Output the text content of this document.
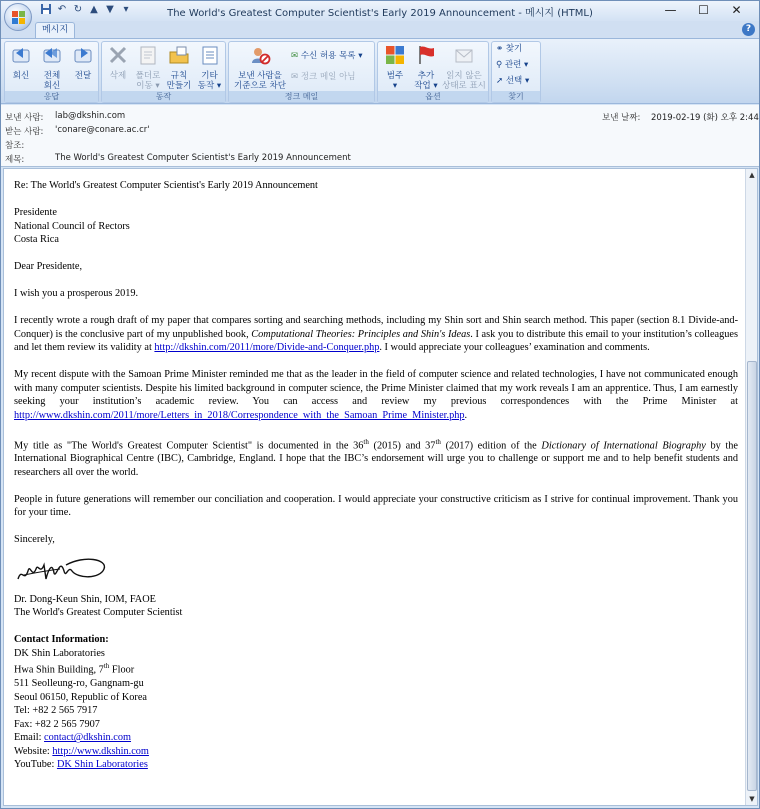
↶ ↻ ▲ ▼ ▾	The World's Greatest Computer Scientist's Early 2019 Announcement - 메시지 (HTML)	—	☐	✕
메시지	?
회신	전체
회신
전달
응답
삭제	폴더로
이동 ▾
규칙
만들기
기타
동작 ▾
동작
보낸 사람을
기준으로 차단
✉ 수신 허용 목록 ▾
✉ 정크 메일 아님
정크 메일
범주
▾
추가
작업 ▾
읽지 않은
상태로 표시
옵션
⚭ 찾기
⚲ 관련 ▾
➚ 선택 ▾
찾기
보낸 사람: lab@dkshin.com
받는 사람: 'conare@conare.ac.cr'
참조:
제목:	The World's Greatest Computer Scientist's Early 2019 Announcement
보낸 날짜: 2019-02-19 (화) 오후 2:44

Re: The World's Greatest Computer Scientist's Early 2019 Announcement

Presidente
National Council of Rectors
Costa Rica

Dear Presidente,

I wish you a prosperous 2019.

I recently wrote a rough draft of my paper that compares sorting and searching methods, including my Shin sort and Shin search method. This paper (section 8.1 Divide-and-Conquer) is the conclusive part of my unpublished book, Computational Theories: Principles and Shin's Ideas. I ask you to distribute this email to your institution’s colleagues and let them review its validity at http://dkshin.com/2011/more/Divide-and-Conquer.php. I would appreciate your colleagues’ examination and comments.

My recent dispute with the Samoan Prime Minister reminded me that as the leader in the field of computer science and related technologies, I have not communicated enough with many computer scientists. Despite his limited background in computer science, the Prime Minister claimed that my work reveals I am an apprentice. Thus, I am earnestly seeking your institution’s academic review. You can access and review my previous correspondences with the Prime Minister at http://www.dkshin.com/2011/more/Letters_in_2018/Correspondence_with_the_Samoan_Prime_Minister.php.

My title as "The World's Greatest Computer Scientist" is documented in the 36th (2015) and 37th (2017) edition of the Dictionary of International Biography by the International Biographical Centre (IBC), Cambridge, England. I hope that the IBC’s endorsement will urge you to challenge or support me and to help benefit students and researchers all over the world.

People in future generations will remember our conciliation and cooperation. I would appreciate your constructive criticism as I strive for continual improvement. Thank you for your time.

Sincerely,
Dr. Dong-Keun Shin, IOM, FAOE
The World's Greatest Computer Scientist
Contact Information:
DK Shin Laboratories
Hwa Shin Building, 7th Floor
511 Seolleung-ro, Gangnam-gu
Seoul 06150, Republic of Korea
Tel: +82 2 565 7917
Fax: +82 2 565 7907
Email: contact@dkshin.com
Website: http://www.dkshin.com
YouTube: DK Shin Laboratories
▲
▼
